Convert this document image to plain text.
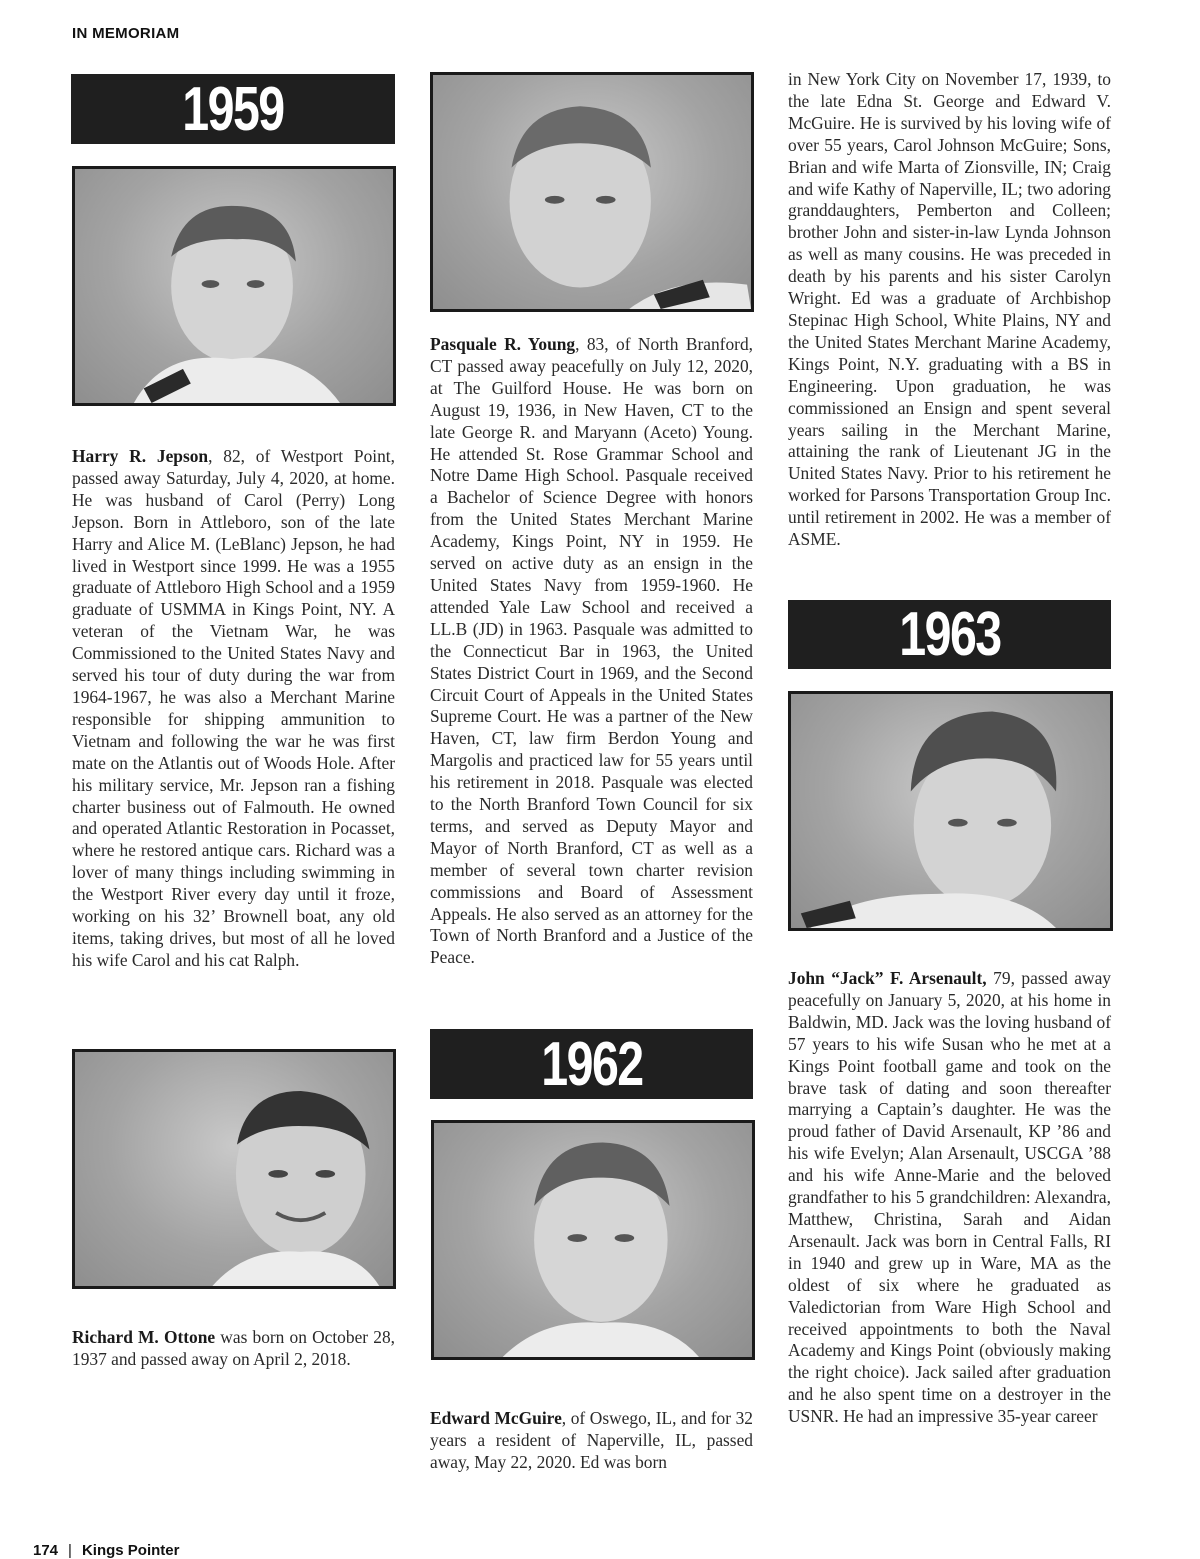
IN MEMORIAM
1959
Harry R. Jepson, 82, of Westport Point, passed away Saturday, July 4, 2020, at home. He was husband of Carol (Perry) Long Jepson. Born in Attleboro, son of the late Harry and Alice M. (LeBlanc) Jepson, he had lived in Westport since 1999. He was a 1955 graduate of Attleboro High School and a 1959 graduate of USMMA in Kings Point, NY. A veteran of the Vietnam War, he was Commissioned to the United States Navy and served his tour of duty during the war from 1964-1967, he was also a Merchant Marine responsible for shipping ammunition to Vietnam and following the war he was first mate on the Atlantis out of Woods Hole. After his military service, Mr. Jepson ran a fishing charter business out of Falmouth. He owned and operated Atlantic Restoration in Pocasset, where he restored antique cars. Richard was a lover of many things including swimming in the Westport River every day until it froze, working on his 32’ Brownell boat, any old items, taking drives, but most of all he loved his wife Carol and his cat Ralph.
Richard M. Ottone was born on October 28, 1937 and passed away on April 2, 2018.
Pasquale R. Young, 83, of North Branford, CT passed away peacefully on July 12, 2020, at The Guilford House. He was born on August 19, 1936, in New Haven, CT to the late George R. and Maryann (Aceto) Young. He attended St. Rose Grammar School and Notre Dame High School. Pasquale received a Bachelor of Science Degree with honors from the United States Merchant Marine Academy, Kings Point, NY in 1959. He served on active duty as an ensign in the United States Navy from 1959-1960. He attended Yale Law School and received a LL.B (JD) in 1963. Pasquale was admitted to the Connecticut Bar in 1963, the United States District Court in 1969, and the Second Circuit Court of Appeals in the United States Supreme Court. He was a partner of the New Haven, CT, law firm Berdon Young and Margolis and practiced law for 55 years until his retirement in 2018. Pasquale was elected to the North Branford Town Council for six terms, and served as Deputy Mayor and Mayor of North Branford, CT as well as a member of several town charter revision commissions and Board of Assessment Appeals. He also served as an attorney for the Town of North Branford and a Justice of the Peace.
1962
Edward McGuire, of Oswego, IL, and for 32 years a resident of Naperville, IL, passed away, May 22, 2020. Ed was born
in New York City on November 17, 1939, to the late Edna St. George and Edward V. McGuire. He is survived by his loving wife of over 55 years, Carol Johnson McGuire; Sons, Brian and wife Marta of Zionsville, IN; Craig and wife Kathy of Naperville, IL; two adoring granddaughters, Pemberton and Colleen; brother John and sister-in-law Lynda Johnson as well as many cousins. He was preceded in death by his parents and his sister Carolyn Wright. Ed was a graduate of Archbishop Stepinac High School, White Plains, NY and the United States Merchant Marine Academy, Kings Point, N.Y. graduating with a BS in Engineering. Upon graduation, he was commissioned an Ensign and spent several years sailing in the Merchant Marine, attaining the rank of Lieutenant JG in the United States Navy. Prior to his retirement he worked for Parsons Transportation Group Inc. until retirement in 2002. He was a member of ASME.
1963
John “Jack” F. Arsenault, 79, passed away peacefully on January 5, 2020, at his home in Baldwin, MD. Jack was the loving husband of 57 years to his wife Susan who he met at a Kings Point football game and took on the brave task of dating and soon thereafter marrying a Captain’s daughter. He was the proud father of David Arsenault, KP ’86 and his wife Evelyn; Alan Arsenault, USCGA ’88 and his wife Anne-Marie and the beloved grandfather to his 5 grandchildren: Alexandra, Matthew, Christina, Sarah and Aidan Arsenault. Jack was born in Central Falls, RI in 1940 and grew up in Ware, MA as the oldest of six where he graduated as Valedictorian from Ware High School and received appointments to both the Naval Academy and Kings Point (obviously making the right choice). Jack sailed after graduation and he also spent time on a destroyer in the USNR. He had an impressive 35-year career
174 | Kings Pointer
